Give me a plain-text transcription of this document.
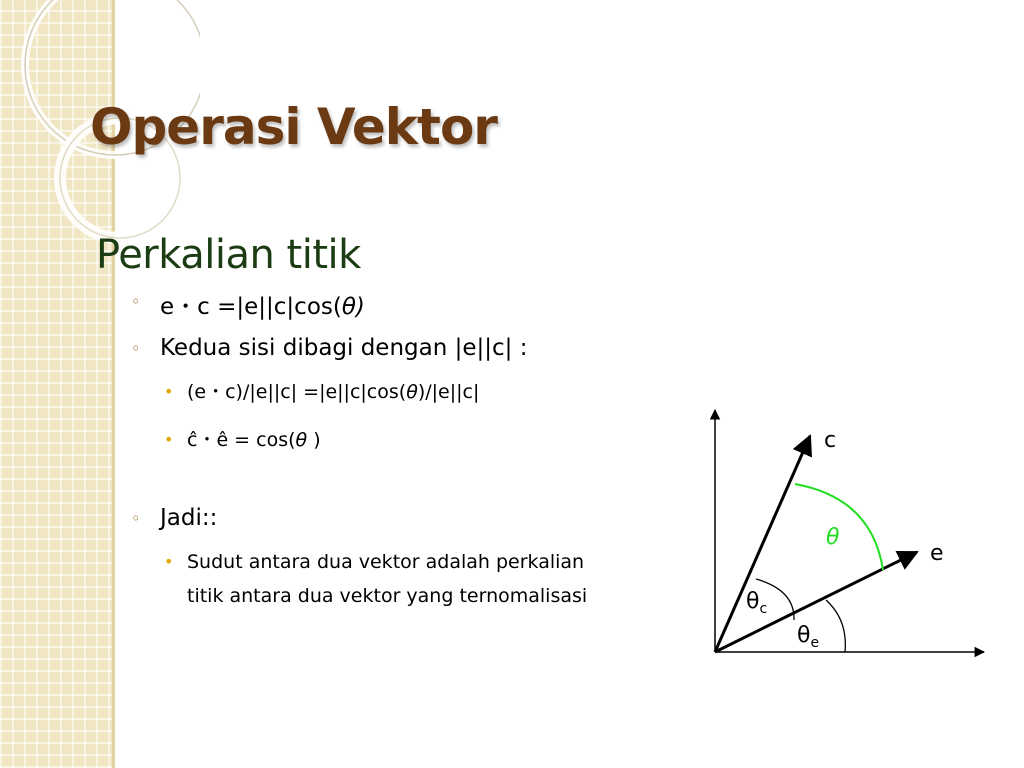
Operasi Vektor
Perkalian titik
◦ e・c =|e||c|cos(θ)
◦ Kedua sisi dibagi dengan |e||c| :
• (e・c)/|e||c| =|e||c|cos(θ)/|e||c|
• ĉ・ê = cos(θ )
◦ Jadi::
• Sudut antara dua vektor adalah perkalian
titik antara dua vektor yang ternomalisasi
c
e
θ
$\theta_c$
$\theta_e$
